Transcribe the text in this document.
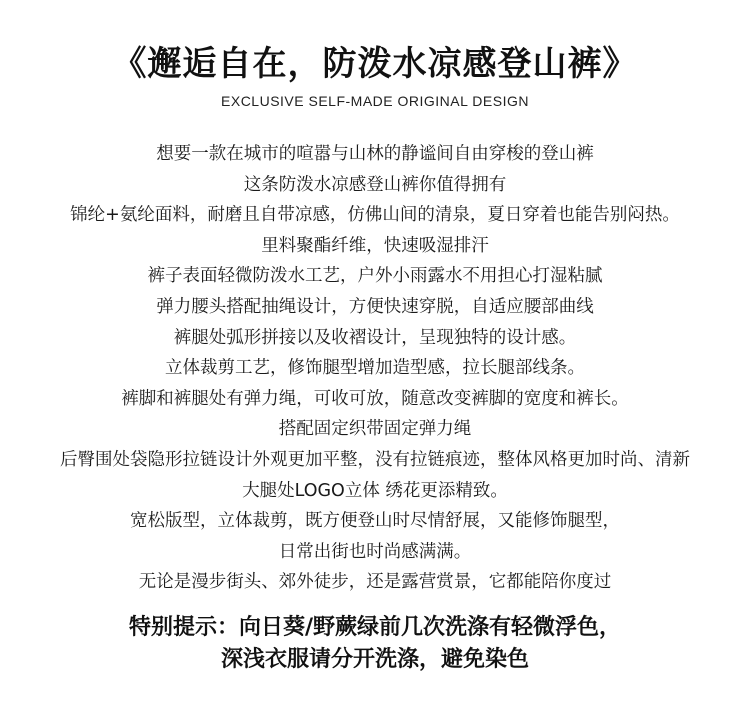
《邂逅自在，防泼水凉感登山裤》
EXCLUSIVE SELF-MADE ORIGINAL DESIGN
想要一款在城市的喧嚣与山林的静谧间自由穿梭的登山裤
这条防泼水凉感登山裤你值得拥有
锦纶+氨纶面料，耐磨且自带凉感，仿佛山间的清泉，夏日穿着也能告别闷热。
里料聚酯纤维，快速吸湿排汗
裤子表面轻微防泼水工艺，户外小雨露水不用担心打湿粘腻
弹力腰头搭配抽绳设计，方便快速穿脱，自适应腰部曲线
裤腿处弧形拼接以及收褶设计，呈现独特的设计感。
立体裁剪工艺，修饰腿型增加造型感，拉长腿部线条。
裤脚和裤腿处有弹力绳，可收可放，随意改变裤脚的宽度和裤长。
搭配固定织带固定弹力绳
后臀围处袋隐形拉链设计外观更加平整，没有拉链痕迹，整体风格更加时尚、清新
大腿处LOGO立体 绣花更添精致。
宽松版型，立体裁剪，既方便登山时尽情舒展，又能修饰腿型，
日常出街也时尚感满满。
无论是漫步街头、郊外徒步，还是露营赏景，它都能陪你度过
特别提示：向日葵/野蕨绿前几次洗涤有轻微浮色，
深浅衣服请分开洗涤，避免染色
